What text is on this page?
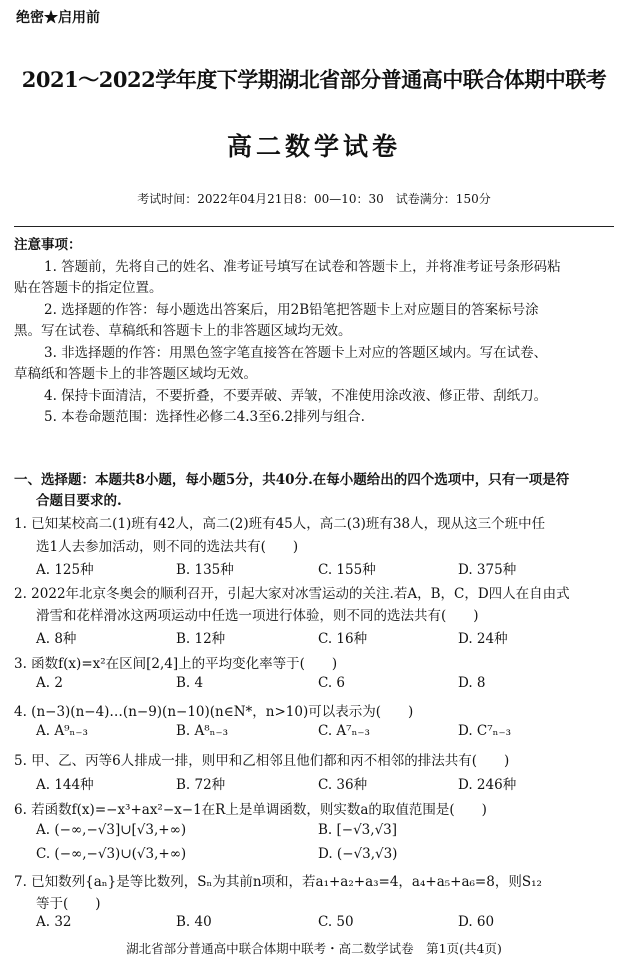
绝密★启用前
2021～2022学年度下学期湖北省部分普通高中联合体期中联考
高二数学试卷
考试时间：2022年04月21日8：00—10：30　试卷满分：150分
注意事项：
1. 答题前，先将自己的姓名、准考证号填写在试卷和答题卡上，并将准考证号条形码粘
贴在答题卡的指定位置。
2. 选择题的作答：每小题选出答案后，用2B铅笔把答题卡上对应题目的答案标号涂
黑。写在试卷、草稿纸和答题卡上的非答题区域均无效。
3. 非选择题的作答：用黑色签字笔直接答在答题卡上对应的答题区域内。写在试卷、
草稿纸和答题卡上的非答题区域均无效。
4. 保持卡面清洁，不要折叠，不要弄破、弄皱，不准使用涂改液、修正带、刮纸刀。
5. 本卷命题范围：选择性必修二4.3至6.2排列与组合.
一、选择题：本题共8小题，每小题5分，共40分.在每小题给出的四个选项中，只有一项是符
合题目要求的.
1. 已知某校高二(1)班有42人，高二(2)班有45人，高二(3)班有38人，现从这三个班中任
选1人去参加活动，则不同的选法共有(　　)
A. 125种	B. 135种	C. 155种	D. 375种
2. 2022年北京冬奥会的顺利召开，引起大家对冰雪运动的关注.若A，B，C，D四人在自由式
滑雪和花样滑冰这两项运动中任选一项进行体验，则不同的选法共有(　　)
A. 8种	B. 12种	C. 16种	D. 24种
3. 函数f(x)=x²在区间[2,4]上的平均变化率等于(　　)
A. 2	B. 4	C. 6	D. 8
4. (n−3)(n−4)…(n−9)(n−10)(n∈N*，n>10)可以表示为(　　)
A. A⁹ₙ₋₃	B. A⁸ₙ₋₃	C. A⁷ₙ₋₃	D. C⁷ₙ₋₃
5. 甲、乙、丙等6人排成一排，则甲和乙相邻且他们都和丙不相邻的排法共有(　　)
A. 144种	B. 72种	C. 36种	D. 246种
6. 若函数f(x)=−x³+ax²−x−1在R上是单调函数，则实数a的取值范围是(　　)
A. (−∞,−√3]∪[√3,+∞)	B. [−√3,√3]
C. (−∞,−√3)∪(√3,+∞)	D. (−√3,√3)
7. 已知数列{aₙ}是等比数列，Sₙ为其前n项和，若a₁+a₂+a₃=4，a₄+a₅+a₆=8，则S₁₂
等于(　　)
A. 32	B. 40	C. 50	D. 60
湖北省部分普通高中联合体期中联考・高二数学试卷　第1页(共4页)
